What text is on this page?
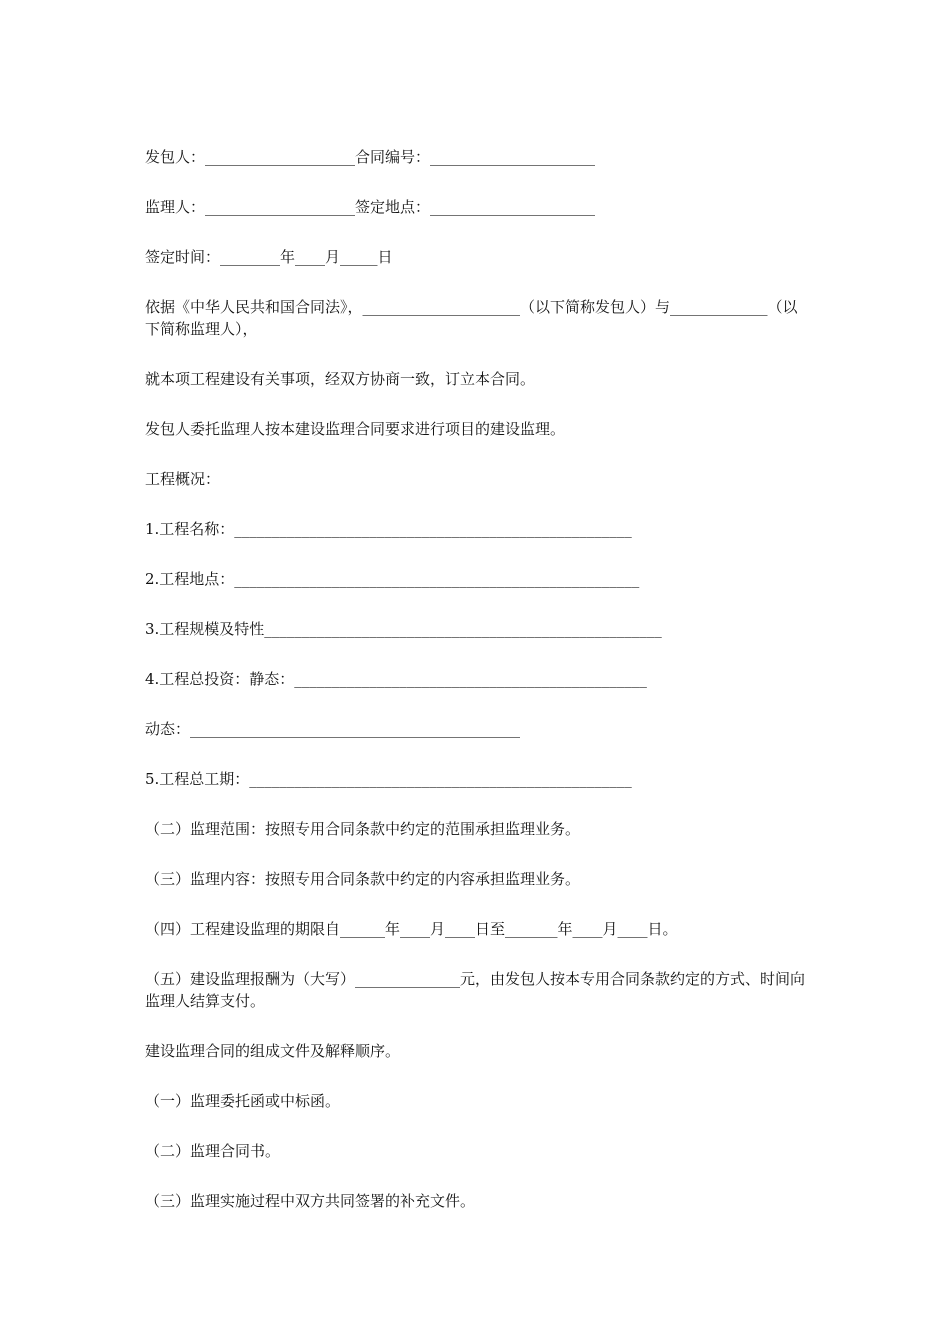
发包人：____________________合同编号：______________________

监理人：____________________签定地点：______________________

签定时间：________年____月_____日

依据《中华人民共和国合同法》，_____________________（以下简称发包人）与_____________（以下简称监理人），

就本项工程建设有关事项，经双方协商一致，订立本合同。

发包人委托监理人按本建设监理合同要求进行项目的建设监理。

工程概况：

1.工程名称：_____________________________________________________

2.工程地点：______________________________________________________

3.工程规模及特性_____________________________________________________

4.工程总投资：静态：_______________________________________________

动态：____________________________________________

5.工程总工期：___________________________________________________

（二）监理范围：按照专用合同条款中约定的范围承担监理业务。

（三）监理内容：按照专用合同条款中约定的内容承担监理业务。

（四）工程建设监理的期限自______年____月____日至_______年____月____日。

（五）建设监理报酬为（大写）______________元，由发包人按本专用合同条款约定的方式、时间向监理人结算支付。

建设监理合同的组成文件及解释顺序。

（一）监理委托函或中标函。

（二）监理合同书。

（三）监理实施过程中双方共同签署的补充文件。
